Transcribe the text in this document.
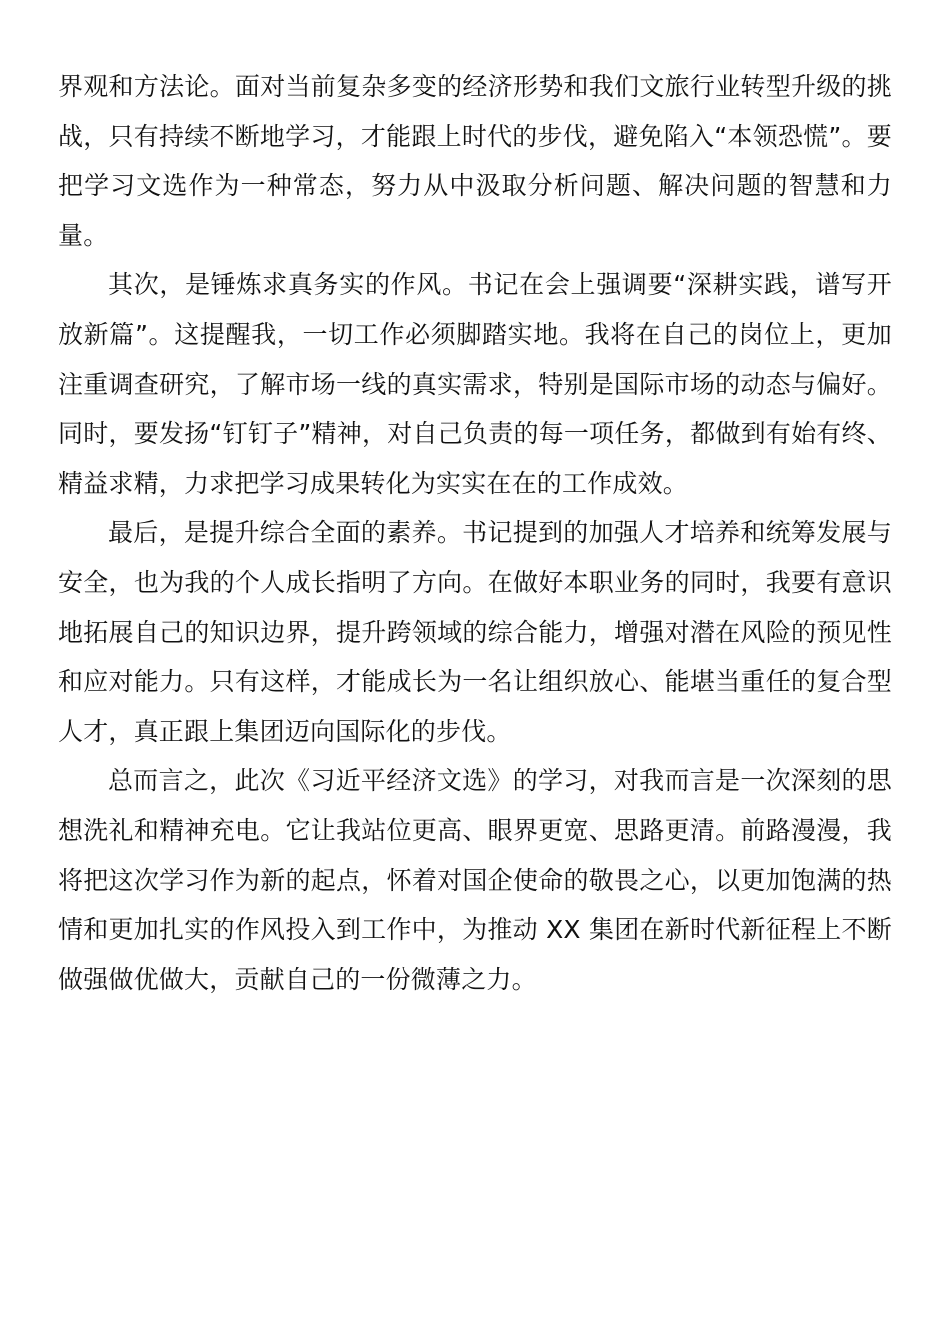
界观和方法论。面对当前复杂多变的经济形势和我们文旅行业转型升级的挑战，只有持续不断地学习，才能跟上时代的步伐，避免陷入“本领恐慌”。要把学习文选作为一种常态，努力从中汲取分析问题、解决问题的智慧和力量。

其次，是锤炼求真务实的作风。书记在会上强调要“深耕实践，谱写开放新篇”。这提醒我，一切工作必须脚踏实地。我将在自己的岗位上，更加注重调查研究，了解市场一线的真实需求，特别是国际市场的动态与偏好。同时，要发扬“钉钉子”精神，对自己负责的每一项任务，都做到有始有终、精益求精，力求把学习成果转化为实实在在的工作成效。

最后，是提升综合全面的素养。书记提到的加强人才培养和统筹发展与安全，也为我的个人成长指明了方向。在做好本职业务的同时，我要有意识地拓展自己的知识边界，提升跨领域的综合能力，增强对潜在风险的预见性和应对能力。只有这样，才能成长为一名让组织放心、能堪当重任的复合型人才，真正跟上集团迈向国际化的步伐。

总而言之，此次《习近平经济文选》的学习，对我而言是一次深刻的思想洗礼和精神充电。它让我站位更高、眼界更宽、思路更清。前路漫漫，我将把这次学习作为新的起点，怀着对国企使命的敬畏之心，以更加饱满的热情和更加扎实的作风投入到工作中，为推动 XX 集团在新时代新征程上不断做强做优做大，贡献自己的一份微薄之力。
